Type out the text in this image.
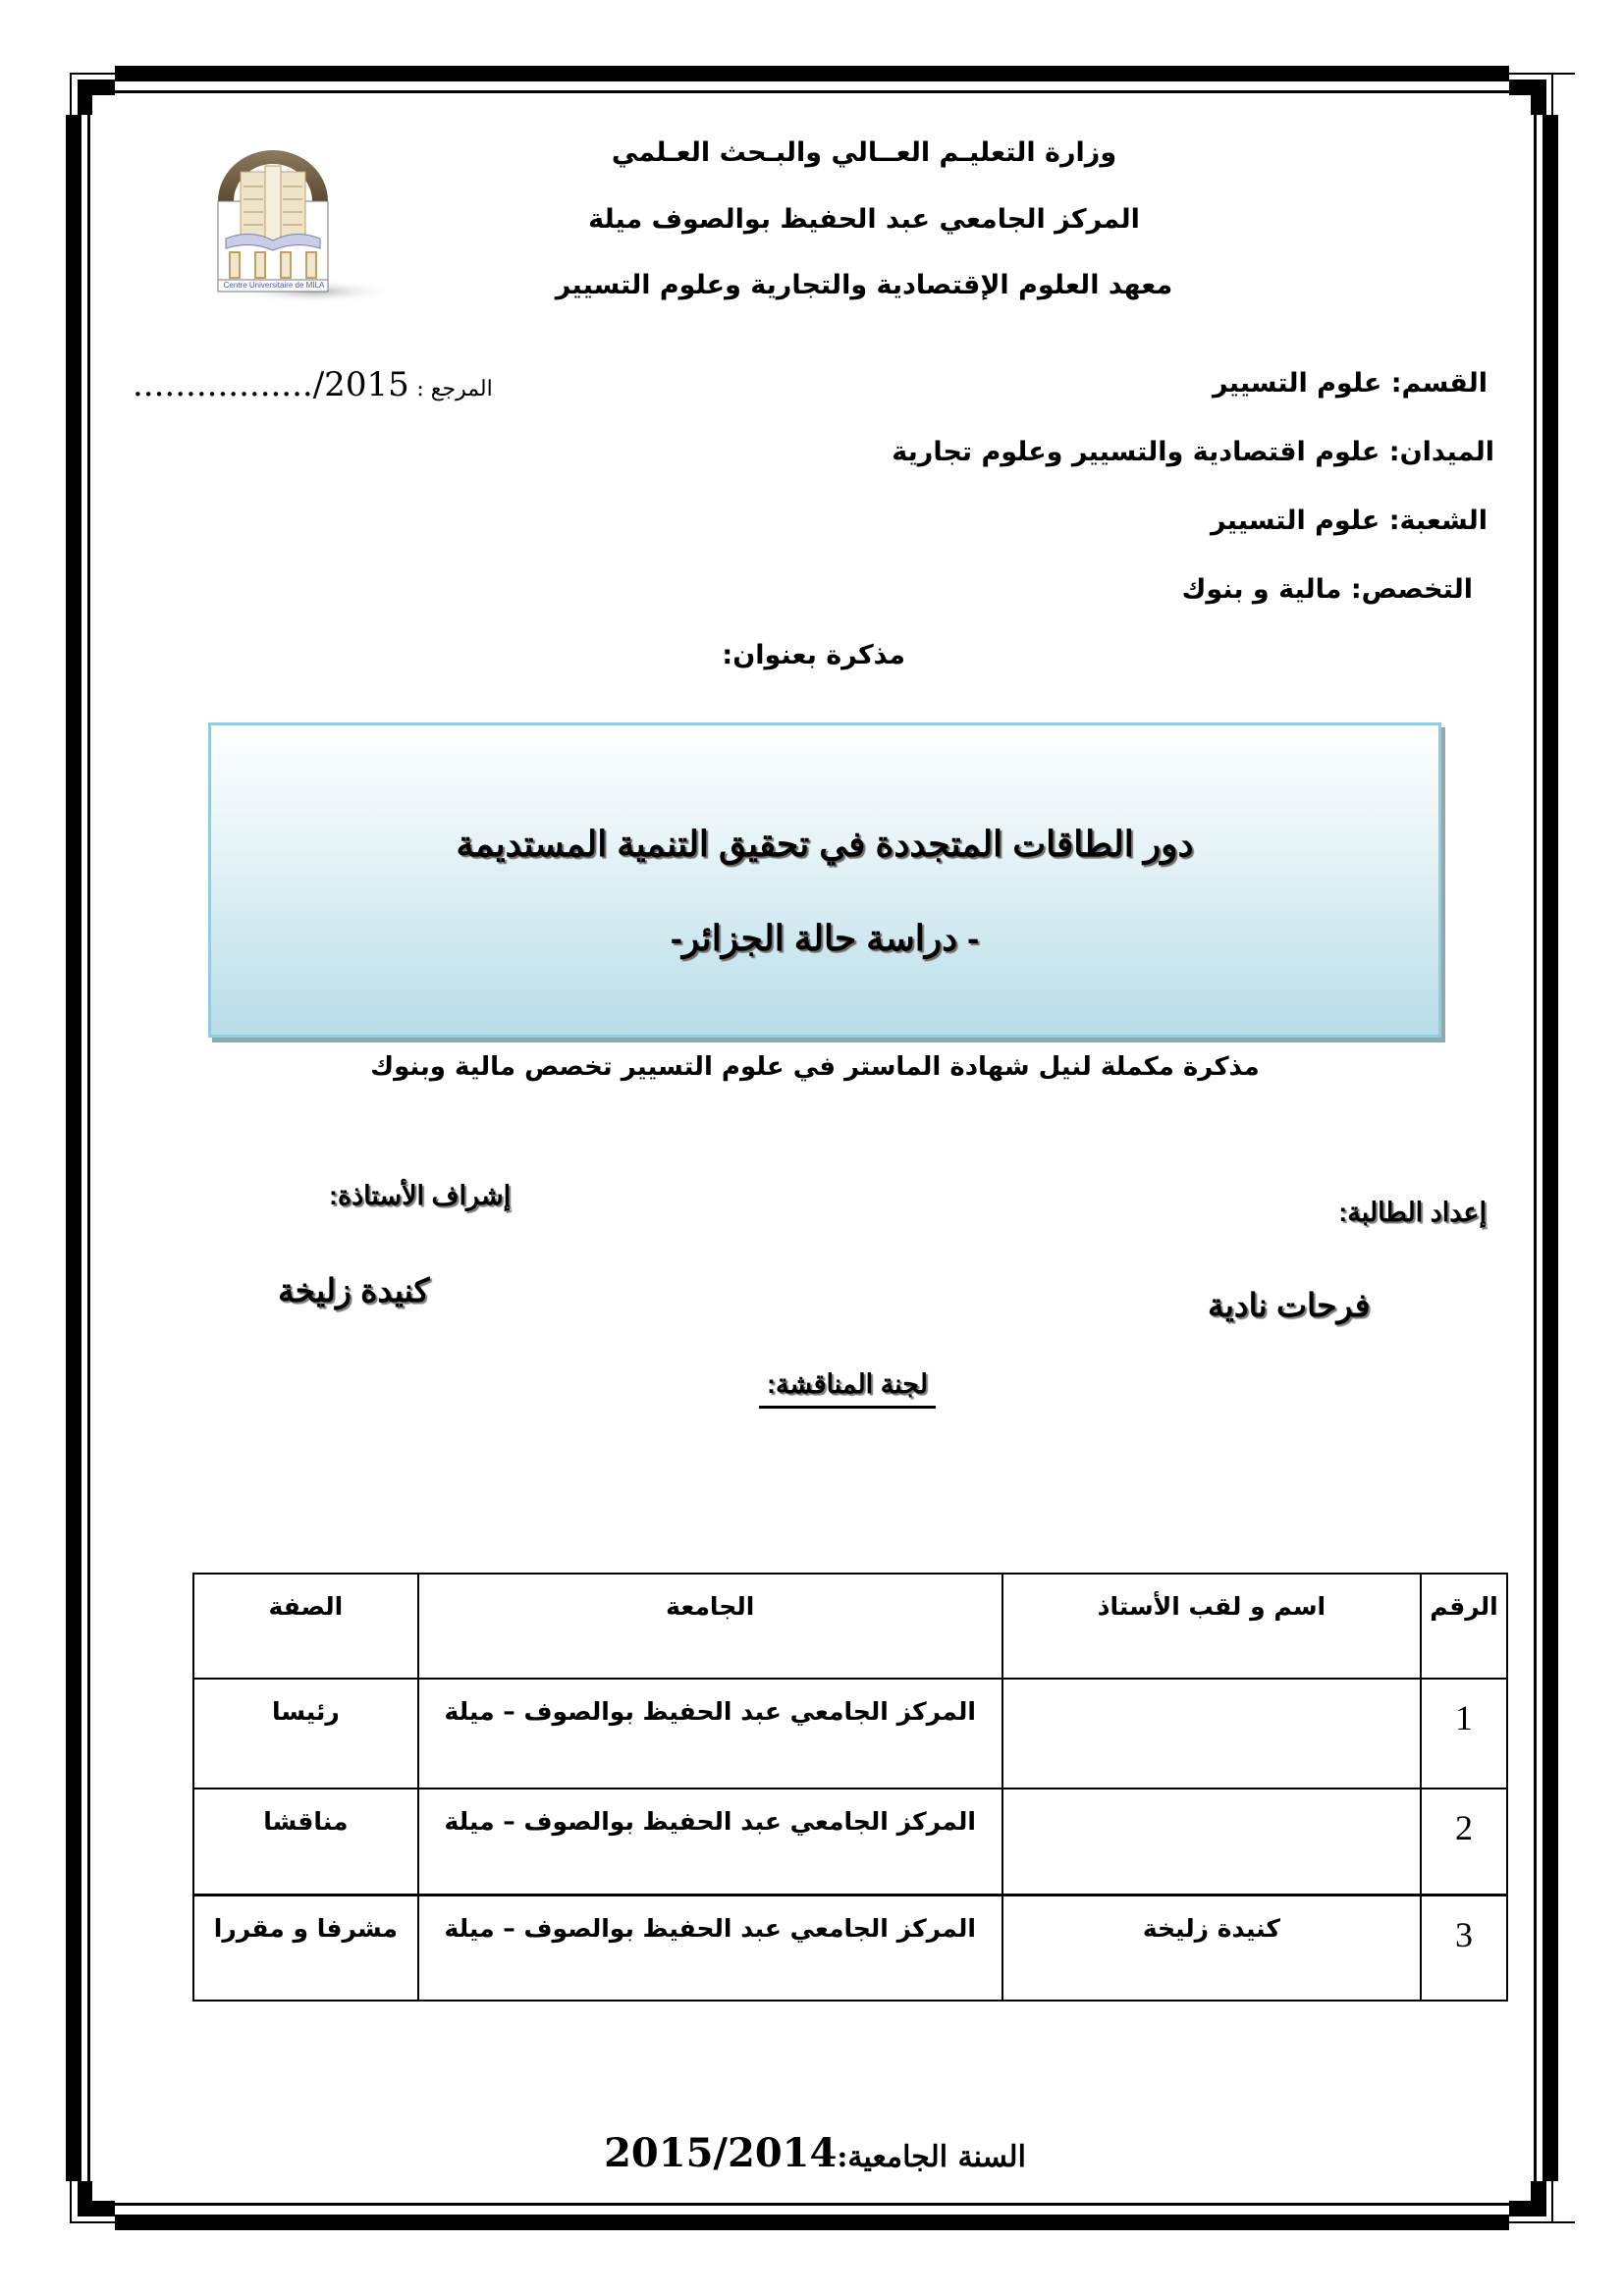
Centre Universitaire de MILA
وزارة التعليـم العــالي والبـحث العـلمي
المركز الجامعي عبد الحفيظ بوالصوف ميلة
معهد العلوم الإقتصادية والتجارية وعلوم التسيير
المرجع : ................./2015	القسم: علوم التسيير
الميدان: علوم اقتصادية والتسيير وعلوم تجارية
الشعبة: علوم التسيير
التخصص: مالية و بنوك
مذكرة بعنوان:
دور الطاقات المتجددة في تحقيق التنمية المستديمة
- دراسة حالة الجزائر-
مذكرة مكملة لنيل شهادة الماستر في علوم التسيير تخصص مالية وبنوك
إعداد الطالبة:
إشراف الأستاذة:
فرحات نادية
كنيدة زليخة
لجنة المناقشة:
الرقم	اسم و لقب الأستاذ	الجامعة	الصفة
1		المركز الجامعي عبد الحفيظ بوالصوف – ميلة	رئيسا
2		المركز الجامعي عبد الحفيظ بوالصوف – ميلة	مناقشا
3	كنيدة زليخة	المركز الجامعي عبد الحفيظ بوالصوف – ميلة	مشرفا و مقررا
السنة الجامعية:2015/2014
